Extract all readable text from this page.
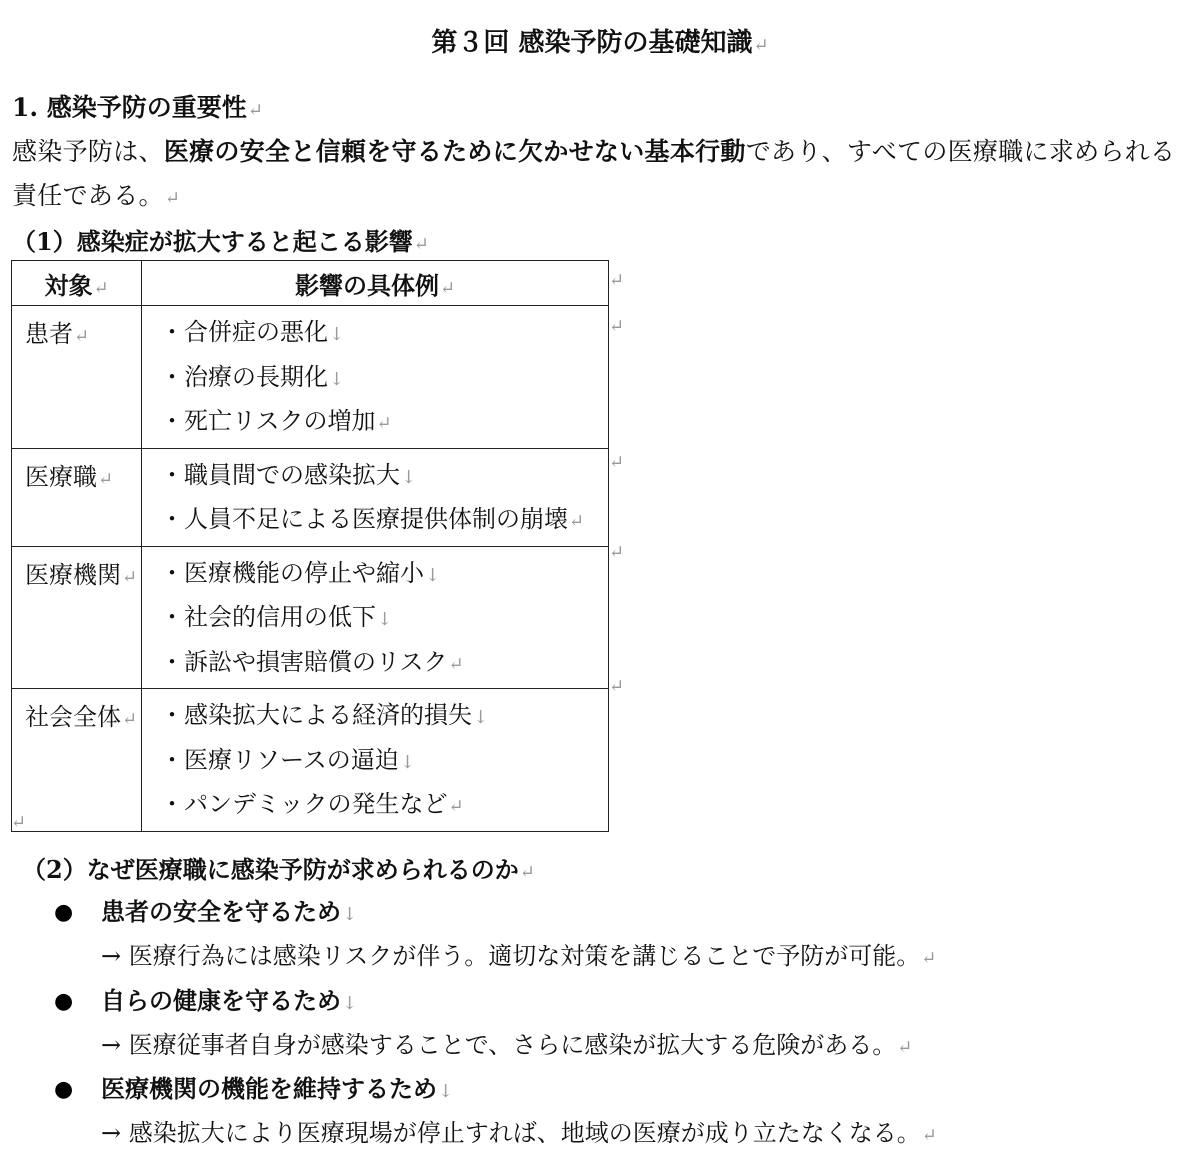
第３回 感染予防の基礎知識↵
1. 感染予防の重要性↵
感染予防は、医療の安全と信頼を守るために欠かせない基本行動であり、すべての医療職に求められる責任である。↵
（1）感染症が拡大すると起こる影響↵
対象↵	影響の具体例↵
患者↵	・合併症の悪化↓
・治療の長期化↓
・死亡リスクの増加↵

医療職↵	・職員間での感染拡大↓
・人員不足による医療提供体制の崩壊↵

医療機関↵	・医療機能の停止や縮小↓
・社会的信用の低下↓
・訴訟や損害賠償のリスク↵

社会全体↵	・感染拡大による経済的損失↓
・医療リソースの逼迫↓
・パンデミックの発生など↵
↵
↵
↵
↵
↵
↵
（2）なぜ医療職に感染予防が求められるのか↵
● 患者の安全を守るため↓
→ 医療行為には感染リスクが伴う。適切な対策を講じることで予防が可能。↵
● 自らの健康を守るため↓
→ 医療従事者自身が感染することで、さらに感染が拡大する危険がある。↵
● 医療機関の機能を維持するため↓
→ 感染拡大により医療現場が停止すれば、地域の医療が成り立たなくなる。↵
